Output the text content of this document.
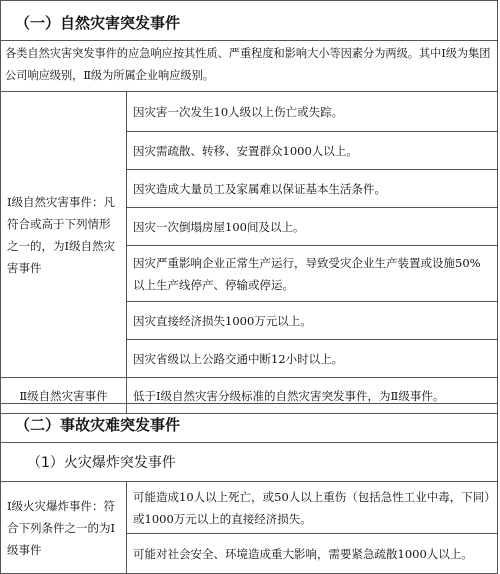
（一）自然灾害突发事件
各类自然灾害突发事件的应急响应按其性质、严重程度和影响大小等因素分为两级。其中Ⅰ级为集团公司响应级别，Ⅱ级为所属企业响应级别。
Ⅰ级自然灾害事件：凡符合或高于下列情形之一的，为Ⅰ级自然灾害事件	因灾害一次发生10人级以上伤亡或失踪。
	因灾需疏散、转移、安置群众1000人以上。
	因灾造成大量员工及家属难以保证基本生活条件。
	因灾一次倒塌房屋100间及以上。
	因灾严重影响企业正常生产运行，导致受灾企业生产装置或设施50%以上生产线停产、停输或停运。
	因灾直接经济损失1000万元以上。
	因灾省级以上公路交通中断12小时以上。
Ⅱ级自然灾害事件	低于Ⅰ级自然灾害分级标准的自然灾害突发事件，为Ⅱ级事件。
（二）事故灾难突发事件
（1）火灾爆炸突发事件
Ⅰ级火灾爆炸事件：符合下列条件之一的为Ⅰ级事件	可能造成10人以上死亡，或50人以上重伤（包括急性工业中毒，下同）或1000万元以上的直接经济损失。
可能对社会安全、环境造成重大影响，需要紧急疏散1000人以上。
